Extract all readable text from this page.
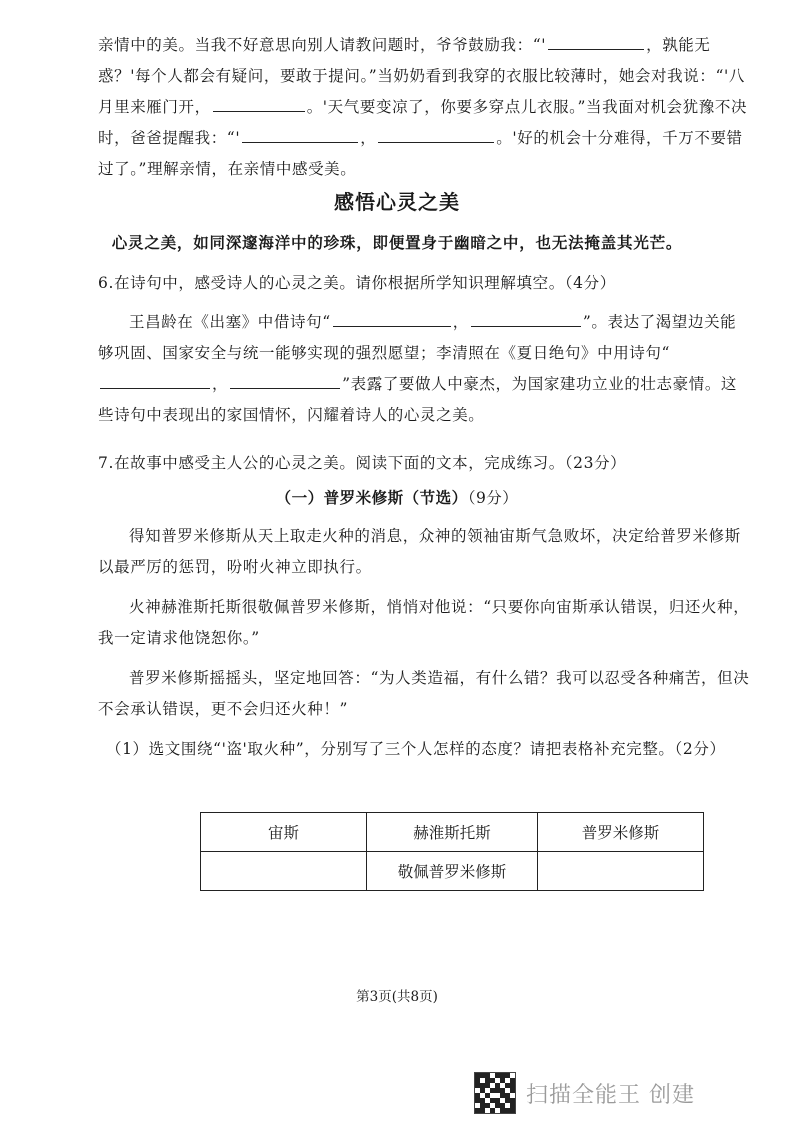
亲情中的美。当我不好意思向别人请教问题时，爷爷鼓励我：“'	，孰能无惑？'每个人都会有疑问，要敢于提问。”当奶奶看到我穿的衣服比较薄时，她会对我说：“'八月里来雁门开，	。'天气要变凉了，你要多穿点儿衣服。”当我面对机会犹豫不决时，爸爸提醒我：“'	，	。'好的机会十分难得，千万不要错过了。”理解亲情，在亲情中感受美。

感悟心灵之美

心灵之美，如同深邃海洋中的珍珠，即便置身于幽暗之中，也无法掩盖其光芒。

6.在诗句中，感受诗人的心灵之美。请你根据所学知识理解填空。（4分）

王昌龄在《出塞》中借诗句“	，	”。表达了渴望边关能够巩固、国家安全与统一能够实现的强烈愿望；李清照在《夏日绝句》中用诗句“，	”表露了要做人中豪杰，为国家建功立业的壮志豪情。这些诗句中表现出的家国情怀，闪耀着诗人的心灵之美。

7.在故事中感受主人公的心灵之美。阅读下面的文本，完成练习。（23分）

（一）普罗米修斯（节选）（9分）

得知普罗米修斯从天上取走火种的消息，众神的领袖宙斯气急败坏，决定给普罗米修斯以最严厉的惩罚，吩咐火神立即执行。

火神赫淮斯托斯很敬佩普罗米修斯，悄悄对他说：“只要你向宙斯承认错误，归还火种，我一定请求他饶恕你。”

普罗米修斯摇摇头，坚定地回答：“为人类造福，有什么错？我可以忍受各种痛苦，但决不会承认错误，更不会归还火种！”

（1）选文围绕“'盗'取火种”，分别写了三个人怎样的态度？请把表格补充完整。（2分）

宙斯	赫淮斯托斯	普罗米修斯
	敬佩普罗米修斯	

第3页(共8页)

扫描全能王 创建
